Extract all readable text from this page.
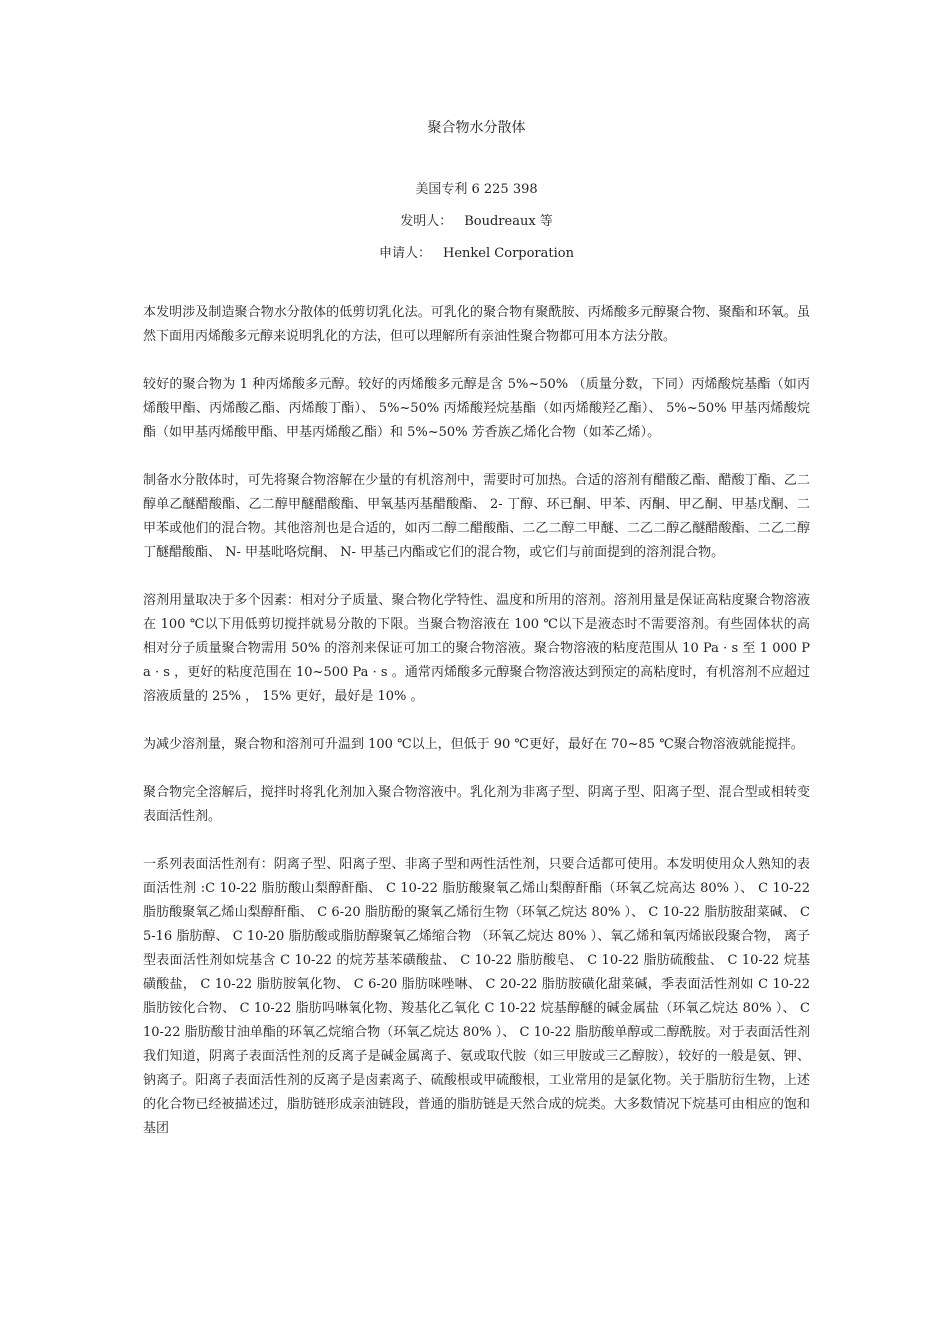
聚合物水分散体

美国专利 6 225 398

发明人： Boudreaux 等

申请人： Henkel Corporation

本发明涉及制造聚合物水分散体的低剪切乳化法。可乳化的聚合物有聚酰胺、丙烯酸多元醇聚合物、聚酯和环氧。虽然下面用丙烯酸多元醇来说明乳化的方法，但可以理解所有亲油性聚合物都可用本方法分散。

较好的聚合物为 1 种丙烯酸多元醇。较好的丙烯酸多元醇是含 5%~50% （质量分数，下同）丙烯酸烷基酯（如丙烯酸甲酯、丙烯酸乙酯、丙烯酸丁酯）、 5%~50% 丙烯酸羟烷基酯（如丙烯酸羟乙酯）、 5%~50% 甲基丙烯酸烷酯（如甲基丙烯酸甲酯、甲基丙烯酸乙酯）和 5%~50% 芳香族乙烯化合物（如苯乙烯）。

制备水分散体时，可先将聚合物溶解在少量的有机溶剂中，需要时可加热。合适的溶剂有醋酸乙酯、醋酸丁酯、乙二醇单乙醚醋酸酯、乙二醇甲醚醋酸酯、甲氧基丙基醋酸酯、 2- 丁醇、环已酮、甲苯、丙酮、甲乙酮、甲基戊酮、二甲苯或他们的混合物。其他溶剂也是合适的，如丙二醇二醋酸酯、二乙二醇二甲醚、二乙二醇乙醚醋酸酯、二乙二醇丁醚醋酸酯、 N- 甲基吡咯烷酮、 N- 甲基己内酯或它们的混合物，或它们与前面提到的溶剂混合物。

溶剂用量取决于多个因素：相对分子质量、聚合物化学特性、温度和所用的溶剂。溶剂用量是保证高粘度聚合物溶液在 100 ℃以下用低剪切搅拌就易分散的下限。当聚合物溶液在 100 ℃以下是液态时不需要溶剂。有些固体状的高相对分子质量聚合物需用 50% 的溶剂来保证可加工的聚合物溶液。聚合物溶液的粘度范围从 10 Pa · s 至 1 000 Pa · s ，更好的粘度范围在 10~500 Pa · s 。通常丙烯酸多元醇聚合物溶液达到预定的高粘度时，有机溶剂不应超过溶液质量的 25% ， 15% 更好，最好是 10% 。

为减少溶剂量，聚合物和溶剂可升温到 100 ℃以上，但低于 90 ℃更好，最好在 70~85 ℃聚合物溶液就能搅拌。

聚合物完全溶解后，搅拌时将乳化剂加入聚合物溶液中。乳化剂为非离子型、阴离子型、阳离子型、混合型或相转变表面活性剂。

一系列表面活性剂有：阴离子型、阳离子型、非离子型和两性活性剂，只要合适都可使用。本发明使用众人熟知的表面活性剂 :C 10-22 脂肪酸山梨醇酐酯、 C 10-22 脂肪酸聚氧乙烯山梨醇酐酯（环氧乙烷高达 80% ）、 C 10-22 脂肪酸聚氧乙烯山梨醇酐酯、 C 6-20 脂肪酚的聚氧乙烯衍生物（环氧乙烷达 80% ）、 C 10-22 脂肪胺甜菜碱、 C 5-16 脂肪醇、 C 10-20 脂肪酸或脂肪醇聚氧乙烯缩合物 （环氧乙烷达 80% ）、氧乙烯和氧丙烯嵌段聚合物， 离子型表面活性剂如烷基含 C 10-22 的烷芳基苯磺酸盐、 C 10-22 脂肪酸皂、 C 10-22 脂肪硫酸盐、 C 10-22 烷基磺酸盐， C 10-22 脂肪胺氧化物、 C 6-20 脂肪咪唑啉、 C 20-22 脂肪胺磺化甜菜碱，季表面活性剂如 C 10-22 脂肪铵化合物、 C 10-22 脂肪吗啉氧化物、羧基化乙氧化 C 10-22 烷基醇醚的碱金属盐（环氧乙烷达 80% ）、 C 10-22 脂肪酸甘油单酯的环氧乙烷缩合物（环氧乙烷达 80% ）、 C 10-22 脂肪酸单醇或二醇酰胺。对于表面活性剂我们知道，阴离子表面活性剂的反离子是碱金属离子、氨或取代胺（如三甲胺或三乙醇胺），较好的一般是氨、钾、钠离子。阳离子表面活性剂的反离子是卤素离子、硫酸根或甲硫酸根，工业常用的是氯化物。关于脂肪衍生物，上述的化合物已经被描述过，脂肪链形成亲油链段，普通的脂肪链是天然合成的烷类。大多数情况下烷基可由相应的饱和基团
